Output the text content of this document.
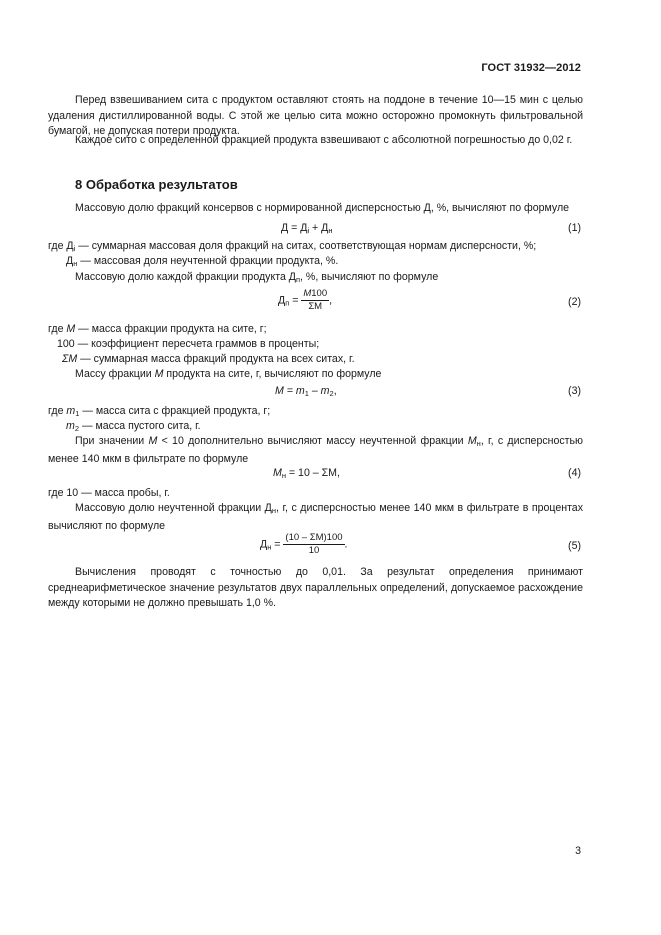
ГОСТ 31932—2012

Перед взвешиванием сита с продуктом оставляют стоять на поддоне в течение 10—15 мин с целью удаления дистиллированной воды. С этой же целью сита можно осторожно промокнуть фильтровальной бумагой, не допуская потери продукта.

Каждое сито с определенной фракцией продукта взвешивают с абсолютной погрешностью до 0,02 г.

8 Обработка результатов

Массовую долю фракций консервов с нормированной дисперсностью Д, %, вычисляют по формуле

$Д = Д_i + Д_н$	(1)
где $Д_i$ — суммарная массовая доля фракций на ситах, соответствующая нормам дисперсности, %;
$Д_н$ — массовая доля неучтенной фракции продукта, %.
Массовую долю каждой фракции продукта $Д_п$, %, вычисляют по формуле
$Д_п = \frac{M100}{\Sigma M}$ ,	(2)
где M — масса фракции продукта на сите, г;
100 — коэффициент пересчета граммов в проценты;
ΣM — суммарная масса фракций продукта на всех ситах, г.
Массу фракции M продукта на сите, г, вычисляют по формуле
$M = m_1 - m_2$,	(3)
где $m_1$ — масса сита с фракцией продукта, г;
$m_2$ — масса пустого сита, г.

При значении M < 10 дополнительно вычисляют массу неучтенной фракции $M_н$, г, с дисперсностью менее 140 мкм в фильтрате по формуле

$M_н = 10 - \Sigma M$,	(4)
где 10 — масса пробы, г.

Массовую долю неучтенной фракции $Д_н$, г, с дисперсностью менее 140 мкм в фильтрате в процентах вычисляют по формуле

$Д_н = \frac{(10 - \Sigma M)100}{10}$ .	(5)

Вычисления проводят с точностью до 0,01. За результат определения принимают среднеарифметическое значение результатов двух параллельных определений, допускаемое расхождение между которыми не должно превышать 1,0 %.

3
